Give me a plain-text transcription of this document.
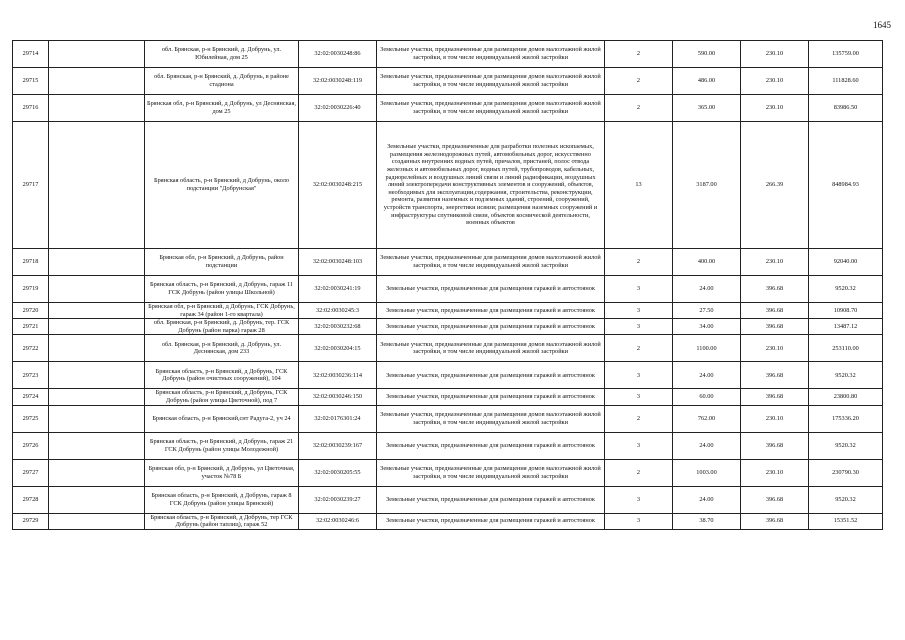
1645
29714		обл. Брянская, р-н Брянский, д. Добрунь, ул. Юбилейная, дом 25	32:02:0030248:86	Земельные участки, предназначенные для размещения домов малоэтажной жилой застройки, в том числе индивидуальной жилой застройки	2	590.00	230.10	135759.00
29715		обл. Брянская, р-н Брянский, д. Добрунь, в районе стадиона	32:02:0030248:119	Земельные участки, предназначенные для размещения домов малоэтажной жилой застройки, в том числе индивидуальной жилой застройки	2	486.00	230.10	111828.60
29716		Брянская обл, р-н Брянский, д Добрунь, ул Деснянская, дом 25	32:02:0030226:40	Земельные участки, предназначенные для размещения домов малоэтажной жилой застройки, в том числе индивидуальной жилой застройки	2	365.00	230.10	83986.50
29717		Брянская область, р-н Брянский, д Добрунь, около подстанции "Добрунская"	32:02:0030248:215	Земельные участки, предназначенные для разработки полезных ископаемых, размещения железнодорожных путей, автомобильных дорог, искусственно созданных внутренних водных путей, причалов, пристаней, полос отвода железных и автомобильных дорог, водных путей, трубопроводов, кабельных, радиорелейных и воздушных линий связи и линий радиофикации, воздушных линий электропередачи конструктивных элементов и сооружений, объектов, необходимых для эксплуатации,содержания, строительства, реконструкции, ремонта, развития наземных и подземных зданий, строений, сооружений, устройств транспорта, энергетики исвязи; размещения наземных сооружений и инфраструктуры спутниковой связи, объектов космической деятельности, военных объектов	13	3187.00	266.39	848984.93
29718		Брянская обл, р-н Брянский, д Добрунь, район подстанции	32:02:0030248:103	Земельные участки, предназначенные для размещения домов малоэтажной жилой застройки, в том числе индивидуальной жилой застройки	2	400.00	230.10	92040.00
29719		Брянская область, р-н Брянский, д Добрунь, гараж 11 ГСК Добрунь (район улицы Школьной)	32:02:0030241:19	Земельные участки, предназначенные для размещения гаражей и автостоянок	3	24.00	396.68	9520.32
29720		Брянская обл, р-н Брянский, д Добрунь, ГСК Добрунь, гараж 34 (район 1-го квартала)	32:02:0030245:3	Земельные участки, предназначенные для размещения гаражей и автостоянок	3	27.50	396.68	10908.70
29721		обл. Брянская, р-н Брянский, д. Добрунь, тер. ГСК Добрунь (район парка) гараж 28	32:02:0030232:68	Земельные участки, предназначенные для размещения гаражей и автостоянок	3	34.00	396.68	13487.12
29722		обл. Брянская, р-н Брянский, д. Добрунь, ул. Деснянская, дом 233	32:02:0030204:15	Земельные участки, предназначенные для размещения домов малоэтажной жилой застройки, в том числе индивидуальной жилой застройки	2	1100.00	230.10	253110.00
29723		Брянская область, р-н Брянский, д Добрунь, ГСК Добрунь (район очистных сооружений), 104	32:02:0030236:114	Земельные участки, предназначенные для размещения гаражей и автостоянок	3	24.00	396.68	9520.32
29724		Брянская область, р-н Брянский, д Добрунь, ГСК Добрунь (район улицы Цветочной), под 7	32:02:0030246:150	Земельные участки, предназначенные для размещения гаражей и автостоянок	3	60.00	396.68	23800.80
29725		Брянская область, р-н Брянский,снт Радуга-2, уч 24	32:02:0176301:24	Земельные участки, предназначенные для размещения домов малоэтажной жилой застройки, в том числе индивидуальной жилой застройки	2	762.00	230.10	175336.20
29726		Брянская область, р-н Брянский, д Добрунь, гараж 21 ГСК Добрунь (район улицы Молодежной)	32:02:0030239:167	Земельные участки, предназначенные для размещения гаражей и автостоянок	3	24.00	396.68	9520.32
29727		Брянская обл, р-н Брянский, д Добрунь, ул Цветочная, участок №78 Б	32:02:0030205:55	Земельные участки, предназначенные для размещения домов малоэтажной жилой застройки, в том числе индивидуальной жилой застройки	2	1003.00	230.10	230790.30
29728		Брянская область, р-н Брянский, д Добрунь, гараж 8 ГСК Добрунь (район улицы Брянской)	32:02:0030239:27	Земельные участки, предназначенные для размещения гаражей и автостоянок	3	24.00	396.68	9520.32
29729		Брянская область, р-н Брянский, д Добрунь, тер ГСК Добрунь (район таплиц), гараж 52	32:02:0030246:6	Земельные участки, предназначенные для размещения гаражей и автостоянок	3	38.70	396.68	15351.52
